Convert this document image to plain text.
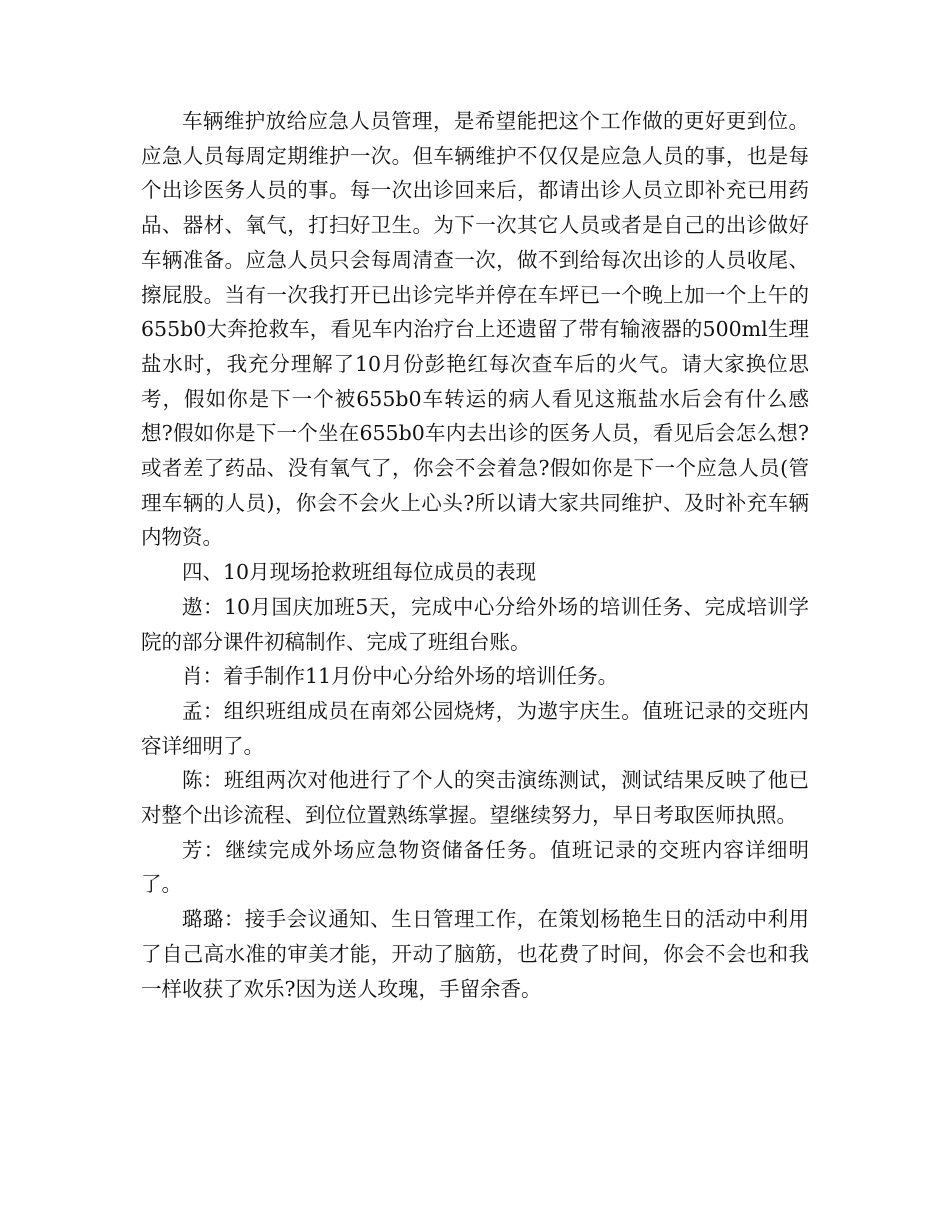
车辆维护放给应急人员管理，是希望能把这个工作做的更好更到位。应急人员每周定期维护一次。但车辆维护不仅仅是应急人员的事，也是每个出诊医务人员的事。每一次出诊回来后，都请出诊人员立即补充已用药品、器材、氧气，打扫好卫生。为下一次其它人员或者是自己的出诊做好车辆准备。应急人员只会每周清查一次，做不到给每次出诊的人员收尾、擦屁股。当有一次我打开已出诊完毕并停在车坪已一个晚上加一个上午的655b0大奔抢救车，看见车内治疗台上还遗留了带有输液器的500ml生理盐水时，我充分理解了10月份彭艳红每次查车后的火气。请大家换位思考，假如你是下一个被655b0车转运的病人看见这瓶盐水后会有什么感想?假如你是下一个坐在655b0车内去出诊的医务人员，看见后会怎么想?或者差了药品、没有氧气了，你会不会着急?假如你是下一个应急人员(管理车辆的人员)，你会不会火上心头?所以请大家共同维护、及时补充车辆内物资。

四、10月现场抢救班组每位成员的表现

遨：10月国庆加班5天，完成中心分给外场的培训任务、完成培训学院的部分课件初稿制作、完成了班组台账。

肖：着手制作11月份中心分给外场的培训任务。

孟：组织班组成员在南郊公园烧烤，为遨宇庆生。值班记录的交班内容详细明了。

陈：班组两次对他进行了个人的突击演练测试，测试结果反映了他已对整个出诊流程、到位位置熟练掌握。望继续努力，早日考取医师执照。

芳：继续完成外场应急物资储备任务。值班记录的交班内容详细明了。

璐璐：接手会议通知、生日管理工作，在策划杨艳生日的活动中利用了自己高水准的审美才能，开动了脑筋，也花费了时间，你会不会也和我一样收获了欢乐?因为送人玫瑰，手留余香。
